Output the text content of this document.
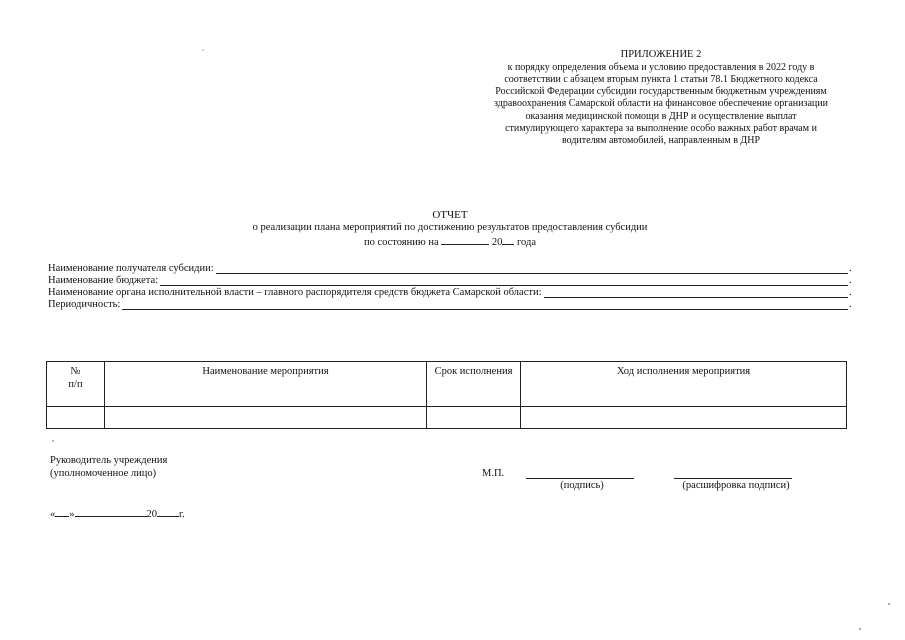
ПРИЛОЖЕНИЕ 2
к порядку определения объема и условию предоставления в 2022 году в
соответствии с абзацем вторым пункта 1 статьи 78.1 Бюджетного кодекса
Российской Федерации субсидии государственным бюджетным учреждениям
здравоохранения Самарской области на финансовое обеспечение организации
оказания медицинской помощи в ДНР и осуществление выплат
стимулирующего характера за выполнение особо важных работ врачам и
водителям автомобилей, направленным в ДНР
ОТЧЕТ
о реализации плана мероприятий по достижению результатов предоставления субсидии
по состоянию на	20 года
Наименование получателя субсидии:	.
Наименование бюджета:	.
Наименование органа исполнительной власти – главного распорядителя средств бюджета Самарской области:	.
Периодичность:	.
№
п/п	Наименование мероприятия	Срок исполнения	Ход исполнения мероприятия

Руководитель учреждения
(уполномоченное лицо)	М.П.
(подпись)	(расшифровка подписи)
« »	20 г.
